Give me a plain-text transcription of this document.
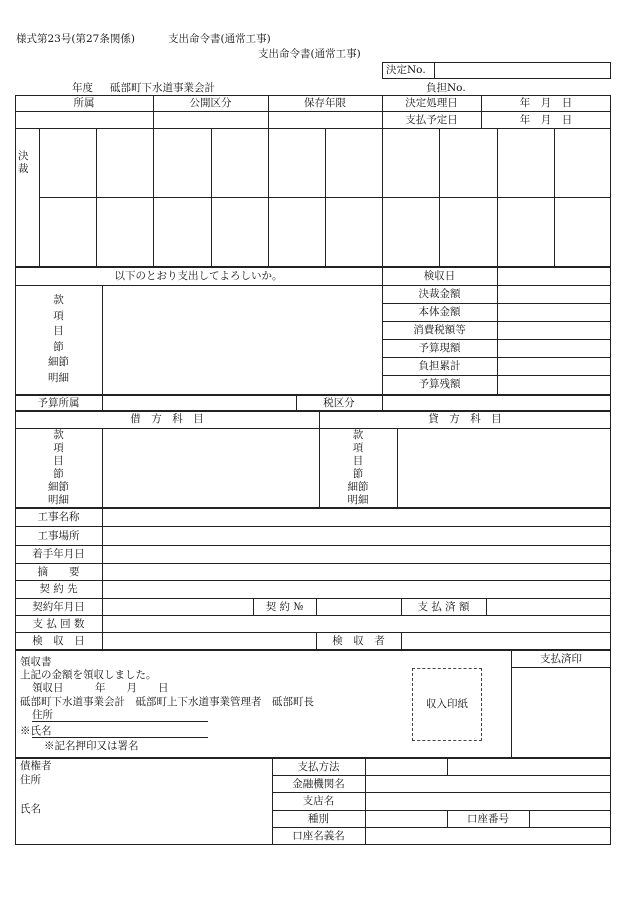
様式第23号(第27条関係)	支出命令書(通常工事)
支出命令書(通常工事)
決定No.
年度 砥部町下水道事業会計	負担No.
所属	公開区分	保存年限	決定処理日	年　月　日
支払予定日	年　月　日
決裁
以下のとおり支出してよろしいか。	検収日
決裁金額
本体金額
消費税額等
予算現額
負担累計
予算残額
款
項
目
節
細節
明細
予算所属	税区分
借　方　科　目	貸　方　科　目
款
項
目
節
細節
明細
款
項
目
節
細節
明細
工事名称
工事場所
着手年月日
摘　　要
契 約 先
契約年月日	契 約 №	支 払 済 額
支 払 回 数
検　収　日	検　収　者
支払済印
領収書
上記の金額を領収しました。
領収日　　　年　　月　　日
砥部町下水道事業会計　砥部町上下水道事業管理者　砥部町長
住所
※氏名
※記名押印又は署名
収入印紙
債権者
住所
氏名
支払方法
金融機関名
支店名
種別	口座番号
口座名義名
